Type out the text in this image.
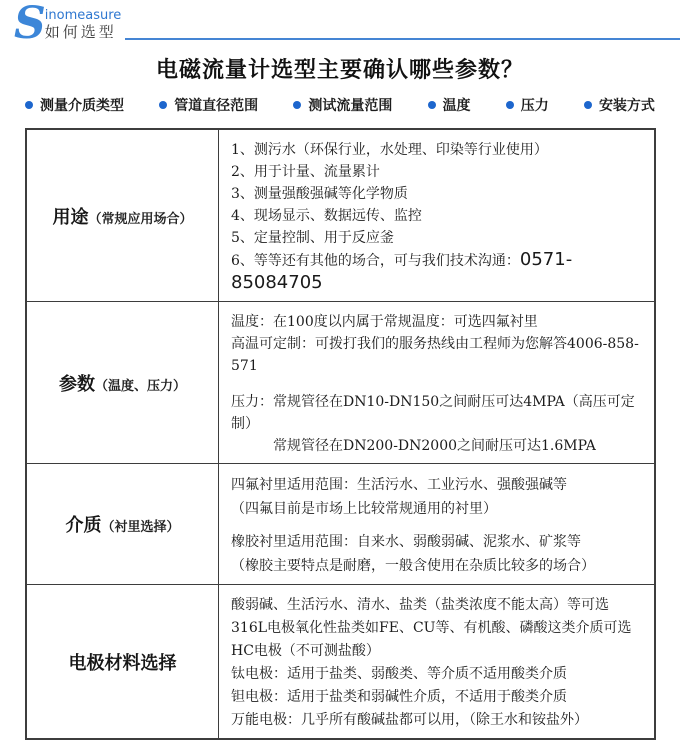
S inomeasure
如何选型
电磁流量计选型主要确认哪些参数？
测量介质类型	管道直径范围	测试流量范围	温度	压力	安装方式
用途（常规应用场合）
1、测污水（环保行业，水处理、印染等行业使用）
2、用于计量、流量累计
3、测量强酸强碱等化学物质
4、现场显示、数据远传、监控
5、定量控制、用于反应釜
6、等等还有其他的场合，可与我们技术沟通：0571-85084705
参数（温度、压力）
温度：在100度以内属于常规温度：可选四氟衬里
高温可定制：可拨打我们的服务热线由工程师为您解答4006-858-571
压力：常规管径在DN10-DN150之间耐压可达4MPA（高压可定制）
常规管径在DN200-DN2000之间耐压可达1.6MPA
介质（衬里选择）
四氟衬里适用范围：生活污水、工业污水、强酸强碱等
（四氟目前是市场上比较常规通用的衬里）
橡胶衬里适用范围：自来水、弱酸弱碱、泥浆水、矿浆等
（橡胶主要特点是耐磨，一般含使用在杂质比较多的场合）
电极材料选择
酸弱碱、生活污水、清水、盐类（盐类浓度不能太高）等可选
316L电极氧化性盐类如FE、CU等、有机酸、磷酸这类介质可选
HC电极（不可测盐酸）
钛电极：适用于盐类、弱酸类、等介质不适用酸类介质
钽电极：适用于盐类和弱碱性介质，不适用于酸类介质
万能电极：几乎所有酸碱盐都可以用，（除王水和铵盐外）
